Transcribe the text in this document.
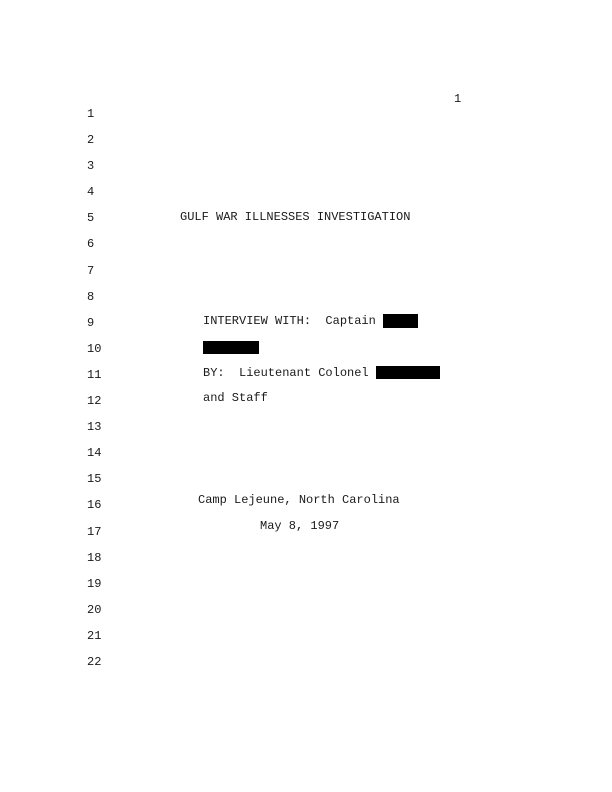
1
1
2
3
4
5
6
7
8
9
10
11
12
13
14
15
16
17
18
19
20
21
22
GULF WAR ILLNESSES INVESTIGATION
INTERVIEW WITH:  Captain
BY:  Lieutenant Colonel
and Staff
Camp Lejeune, North Carolina
May 8, 1997
